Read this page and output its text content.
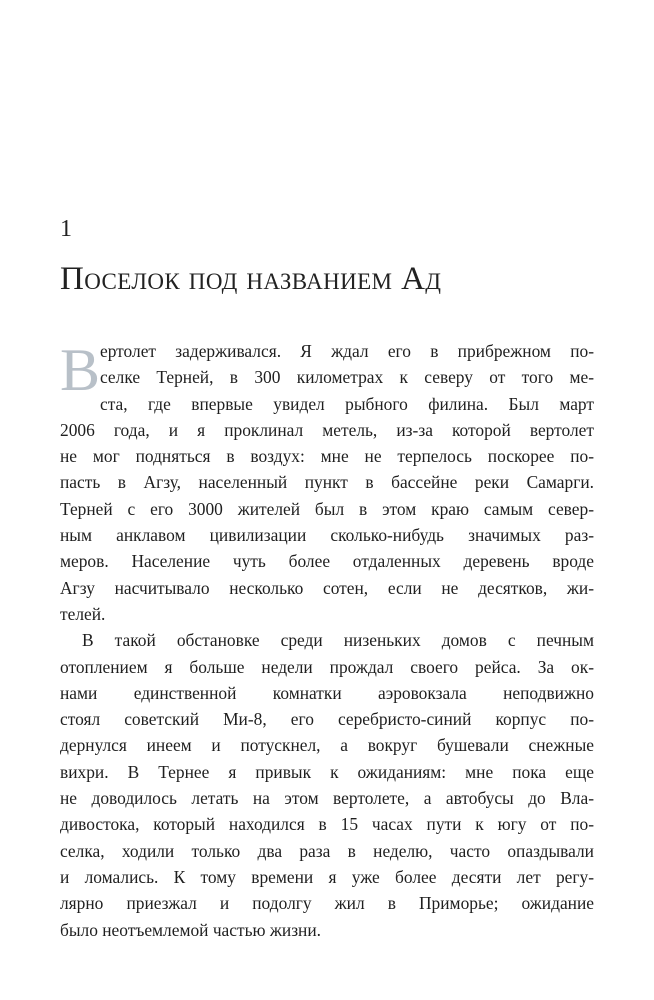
1
Поселок под названием Ад
В ертолет задерживался. Я ждал его в прибрежном по-
селке Терней, в 300 километрах к северу от того ме-
ста, где впервые увидел рыбного филина. Был март
2006 года, и я проклинал метель, из-за которой вертолет
не мог подняться в воздух: мне не терпелось поскорее по-
пасть в Агзу, населенный пункт в бассейне реки Самарги.
Терней с его 3000 жителей был в этом краю самым север-
ным анклавом цивилизации сколько-нибудь значимых раз-
меров. Население чуть более отдаленных деревень вроде
Агзу насчитывало несколько сотен, если не десятков, жи-
телей.
В такой обстановке среди низеньких домов с печным
отоплением я больше недели прождал своего рейса. За ок-
нами единственной комнатки аэровокзала неподвижно
стоял советский Ми-8, его серебристо-синий корпус по-
дернулся инеем и потускнел, а вокруг бушевали снежные
вихри. В Тернее я привык к ожиданиям: мне пока еще
не доводилось летать на этом вертолете, а автобусы до Вла-
дивостока, который находился в 15 часах пути к югу от по-
селка, ходили только два раза в неделю, часто опаздывали
и ломались. К тому времени я уже более десяти лет регу-
лярно приезжал и подолгу жил в Приморье; ожидание
было неотъемлемой частью жизни.
